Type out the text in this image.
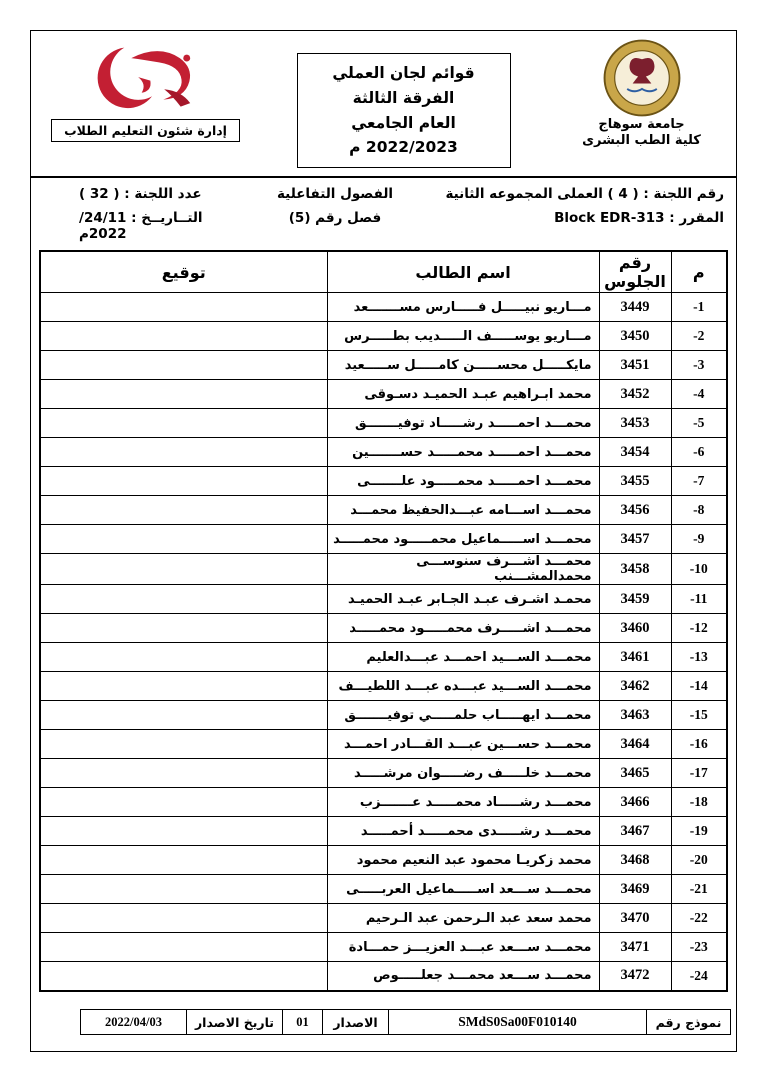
جامعة سوهاج
كلية الطب البشرى
قوائم لجان العملي
الفرقة الثالثة
العام الجامعي 2022/2023 م
إدارة شئون التعليم الطلاب
رقم اللجنة : ( 4 ) العملى المجموعه الثانية
الفصول التفاعلية
عدد اللجنة : ( 32 )
المقرر : Block EDR-313
فصل رقم (5)
التــاريــخ : 24/11/ 2022م
م	رقم الجلوس	اسم الطالب	توقيع
-1	3449	مـــاريو نبيـــــل فـــــارس مســـــــعد	
-2	3450	مـــاريو يوســـــف الـــــديب بطـــــرس	
-3	3451	مايكـــــل محســـــن كامـــــل ســـــعيد	
-4	3452	محمد ابـراهيم عبـد الحميـد دسـوقى	
-5	3453	محمـــد احمـــــد رشـــــاد توفيـــــــق	
-6	3454	محمـــد احمـــــد محمـــــد حســـــــين	
-7	3455	محمـــد احمـــــد محمـــــود علـــــــى	
-8	3456	محمـــد اســـامه عبـــدالحفيظ محمـــد	
-9	3457	محمـــد اســـــماعيل محمـــــود محمـــــد	
-10	3458	محمـــد اشـــرف سنوســـى محمدالمشـــنب	
-11	3459	محمـد اشـرف عبـد الجـابر عبـد الحميـد	
-12	3460	محمـــد اشـــــرف محمـــــود محمـــــد	
-13	3461	محمـــد الســـيد احمـــد عبـــدالعليم	
-14	3462	محمـــد الســـيد عبـــده عبـــد اللطيـــف	
-15	3463	محمـــد ايهـــــاب حلمـــــي توفيـــــــق	
-16	3464	محمـــد حســـين عبـــد القـــادر احمـــد	
-17	3465	محمـــد خلـــــف رضـــــوان مرشـــــد	
-18	3466	محمـــد رشـــــاد محمـــــد عـــــــزب	
-19	3467	محمـــد رشـــــدى محمـــــد أحمـــــد	
-20	3468	محمد زكريـا محمود عبد النعيم محمود	
-21	3469	محمـــد ســـعد اســـــماعيل العربـــــى	
-22	3470	محمد سعد عبد الـرحمن عبد الـرحيم	
-23	3471	محمـــد ســـعد عبـــد العزيـــز حمـــادة	
-24	3472	محمـــد ســـعد محمـــد جعلـــــوص	
نموذج رقم	SMdS0Sa00F010140	الاصدار	01	تاريخ الاصدار	2022/04/03
